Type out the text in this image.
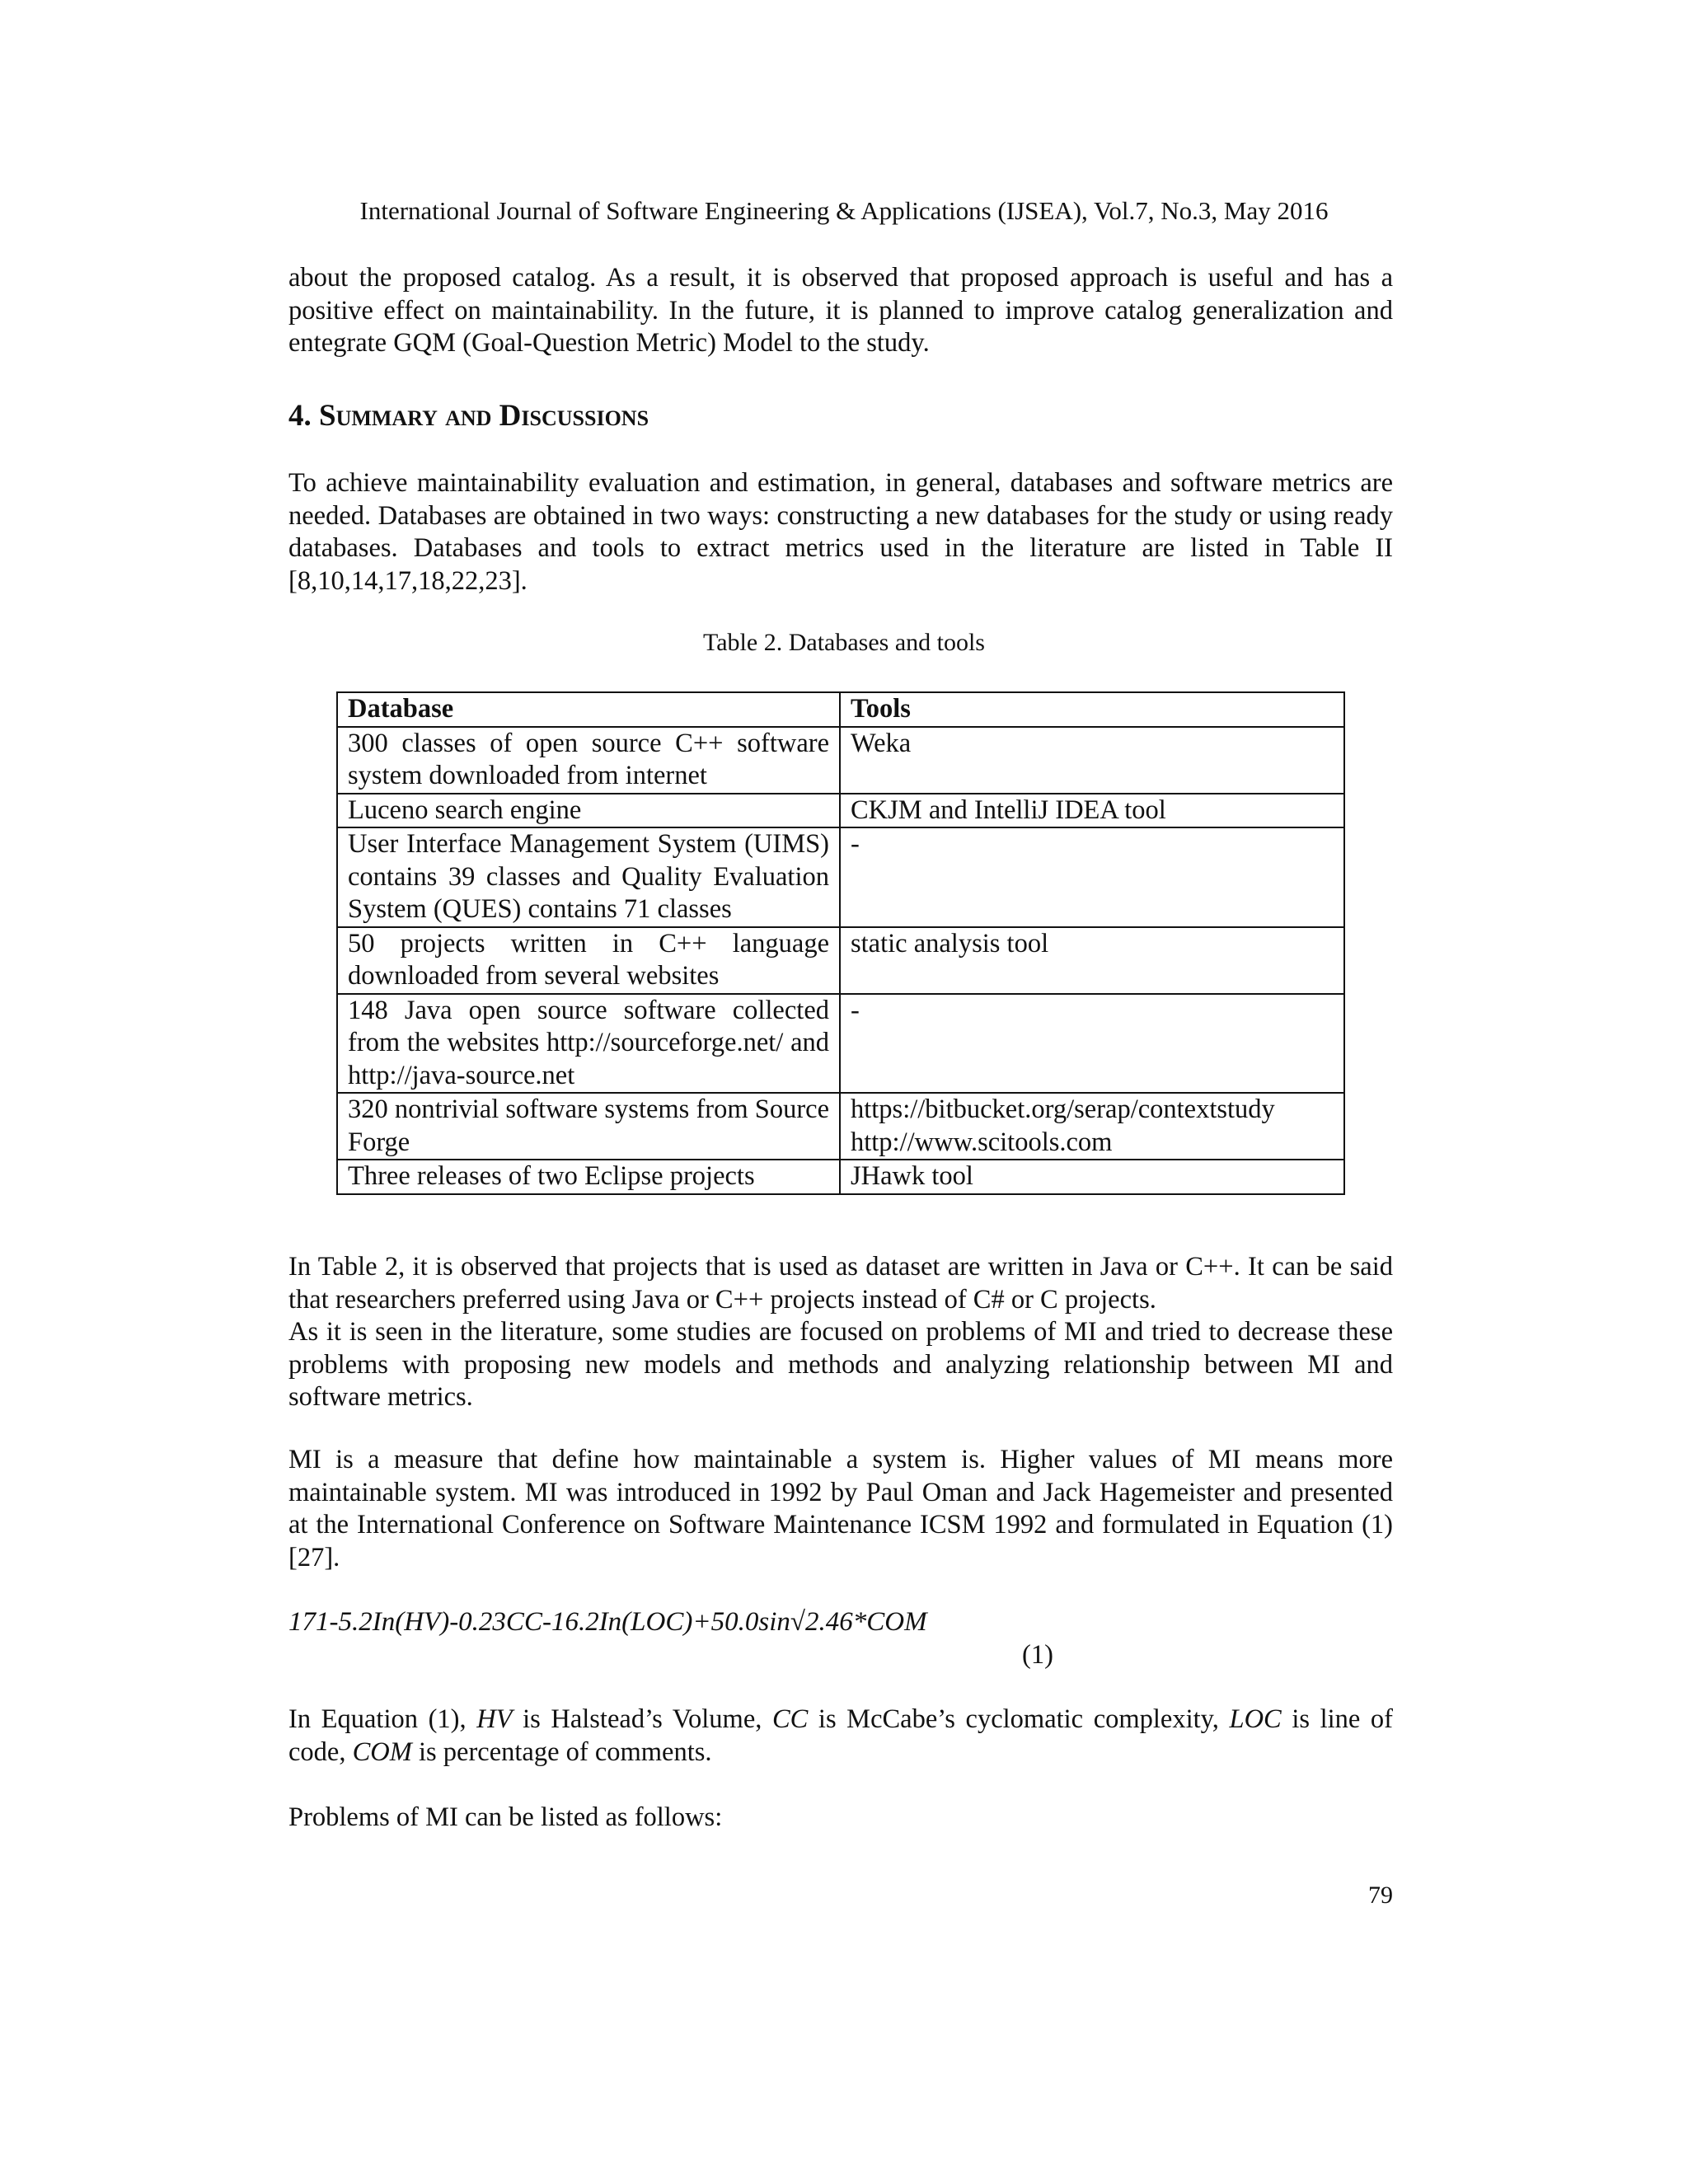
International Journal of Software Engineering & Applications (IJSEA), Vol.7, No.3, May 2016

about the proposed catalog. As a result, it is observed that proposed approach is useful and has a positive effect on maintainability. In the future, it is planned to improve catalog generalization and entegrate GQM (Goal-Question Metric) Model to the study.

4. Summary and Discussions

To achieve maintainability evaluation and estimation, in general, databases and software metrics are needed. Databases are obtained in two ways: constructing a new databases for the study or using ready databases. Databases and tools to extract metrics used in the literature are listed in Table II [8,10,14,17,18,22,23].

Table 2. Databases and tools

Database	Tools
300 classes of open source C++ software system downloaded from internet	Weka

Luceno search engine	CKJM and IntelliJ IDEA tool

User Interface Management System (UIMS) contains 39 classes and Quality Evaluation System (QUES) contains 71 classes	-

50 projects written in C++ language downloaded from several websites	static analysis tool

148 Java open source software collected from the websites http://sourceforge.net/ and http://java-source.net	-

320 nontrivial software systems from Source Forge	https://bitbucket.org/serap/contextstudy
http://www.scitools.com

Three releases of two Eclipse projects	JHawk tool

In Table 2, it is observed that projects that is used as dataset are written in Java or C++. It can be said that researchers preferred using Java or C++ projects instead of C# or C projects.

As it is seen in the literature, some studies are focused on problems of MI and tried to decrease these problems with proposing new models and methods and analyzing relationship between MI and software metrics.

MI is a measure that define how maintainable a system is. Higher values of MI means more maintainable system. MI was introduced in 1992 by Paul Oman and Jack Hagemeister and presented at the International Conference on Software Maintenance ICSM 1992 and formulated in Equation (1) [27].

171-5.2In(HV)-0.23CC-16.2In(LOC)+50.0sin√2.46*COM

(1)

In Equation (1), HV is Halstead’s Volume, CC is McCabe’s cyclomatic complexity, LOC is line of code, COM is percentage of comments.

Problems of MI can be listed as follows:

79
